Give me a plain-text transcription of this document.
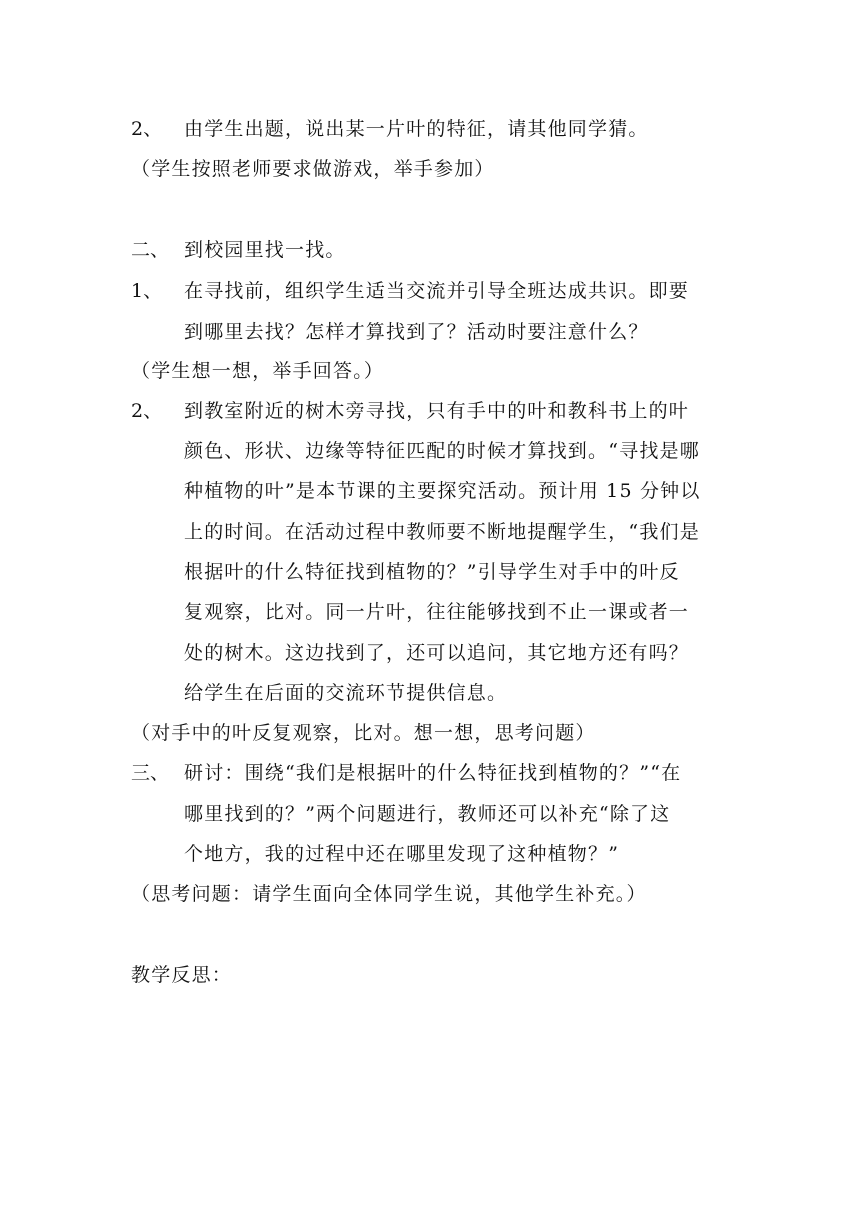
2、 由学生出题，说出某一片叶的特征，请其他同学猜。
（学生按照老师要求做游戏，举手参加）
二、 到校园里找一找。
1、 在寻找前，组织学生适当交流并引导全班达成共识。即要
到哪里去找？怎样才算找到了？活动时要注意什么？
（学生想一想，举手回答。）
2、 到教室附近的树木旁寻找，只有手中的叶和教科书上的叶
颜色、形状、边缘等特征匹配的时候才算找到。“寻找是哪
种植物的叶”是本节课的主要探究活动。预计用 15 分钟以
上的时间。在活动过程中教师要不断地提醒学生，“我们是
根据叶的什么特征找到植物的？”引导学生对手中的叶反
复观察，比对。同一片叶，往往能够找到不止一课或者一
处的树木。这边找到了，还可以追问，其它地方还有吗？
给学生在后面的交流环节提供信息。
（对手中的叶反复观察，比对。想一想，思考问题）
三、 研讨：围绕“我们是根据叶的什么特征找到植物的？”“在
哪里找到的？”两个问题进行，教师还可以补充“除了这
个地方，我的过程中还在哪里发现了这种植物？”
（思考问题：请学生面向全体同学生说，其他学生补充。）
教学反思：
